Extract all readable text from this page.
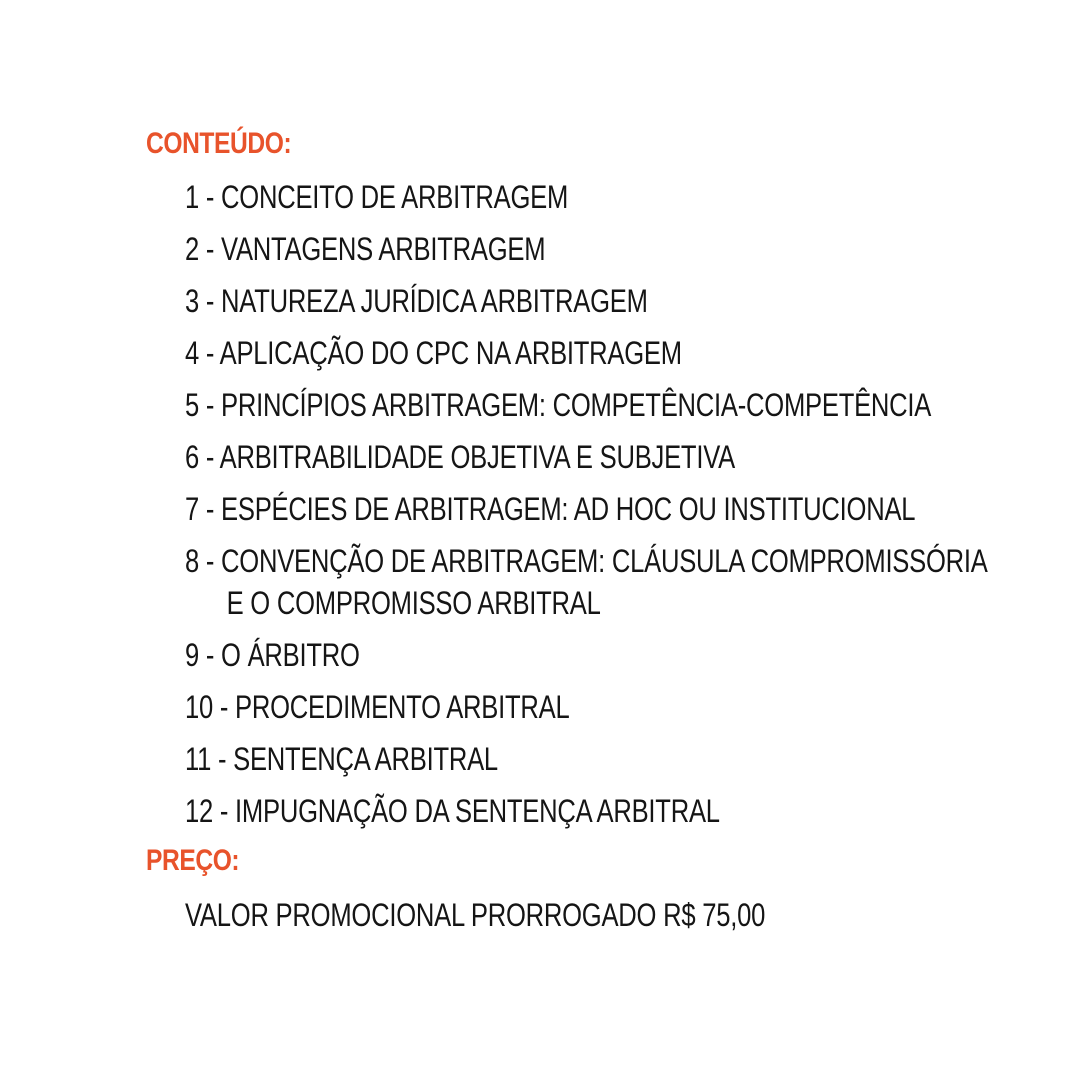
CONTEÚDO:
1 - CONCEITO DE ARBITRAGEM
2 - VANTAGENS ARBITRAGEM
3 - NATUREZA JURÍDICA ARBITRAGEM
4 - APLICAÇÃO DO CPC NA ARBITRAGEM
5 - PRINCÍPIOS ARBITRAGEM: COMPETÊNCIA-COMPETÊNCIA
6 - ARBITRABILIDADE OBJETIVA E SUBJETIVA
7 - ESPÉCIES DE ARBITRAGEM: AD HOC OU INSTITUCIONAL
8 - CONVENÇÃO DE ARBITRAGEM: CLÁUSULA COMPROMISSÓRIA
E O COMPROMISSO ARBITRAL
9 - O ÁRBITRO
10 - PROCEDIMENTO ARBITRAL
11 - SENTENÇA ARBITRAL
12 - IMPUGNAÇÃO DA SENTENÇA ARBITRAL
PREÇO:
VALOR PROMOCIONAL PRORROGADO R$ 75,00
